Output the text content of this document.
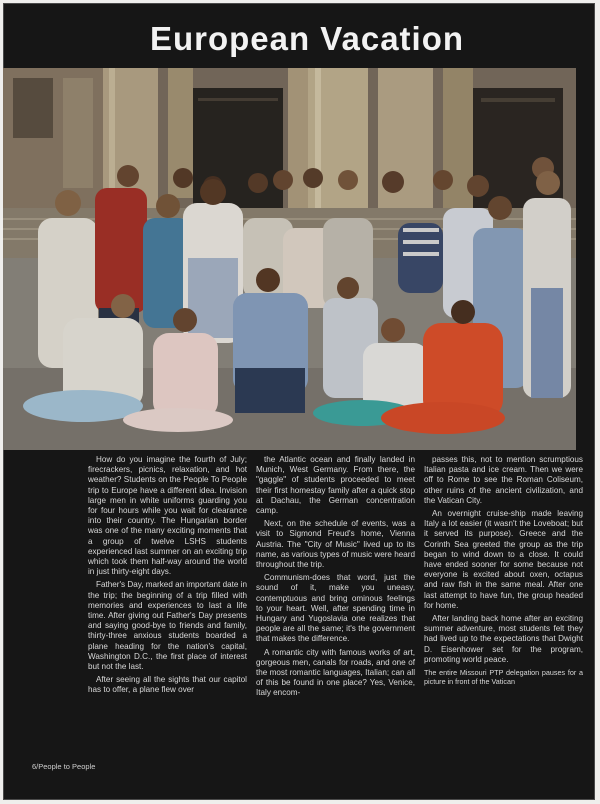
European Vacation

How do you imagine the fourth of July; firecrackers, picnics, relaxation, and hot weather? Students on the People To People trip to Europe have a different idea. Invision large men in white uniforms guarding you for four hours while you wait for clearance into their country. The Hungarian border was one of the many exciting moments that a group of twelve LSHS students experienced last summer on an exciting trip which took them half-way around the world in just thirty-eight days.

Father's Day, marked an important date in the trip; the beginning of a trip filled with memories and experiences to last a life time. After giving out Father's Day presents and saying good-bye to friends and family, thirty-three anxious students boarded a plane heading for the nation's capital, Washington D.C., the first place of interest but not the last.

After seeing all the sights that our capitol has to offer, a plane flew over

the Atlantic ocean and finally landed in Munich, West Germany. From there, the "gaggle" of students proceeded to meet their first homestay family after a quick stop at Dachau, the German concentration camp.

Next, on the schedule of events, was a visit to Sigmond Freud's home, Vienna Austria. The "City of Music" lived up to its name, as various types of music were heard throughout the trip.

Communism-does that word, just the sound of it, make you uneasy, contemptuous and bring ominous feelings to your heart. Well, after spending time in Hungary and Yugoslavia one realizes that people are all the same; it's the government that makes the difference.

A romantic city with famous works of art, gorgeous men, canals for roads, and one of the most romantic languages, Italian; can all of this be found in one place? Yes, Venice, Italy encom-

passes this, not to mention scrumptious Italian pasta and ice cream. Then we were off to Rome to see the Roman Coliseum, other ruins of the ancient civilization, and the Vatican City.

An overnight cruise-ship made leaving Italy a lot easier (it wasn't the Loveboat; but it served its purpose). Greece and the Corinth Sea greeted the group as the trip began to wind down to a close. It could have ended sooner for some because not everyone is excited about oxen, octapus and raw fish in the same meal. After one last attempt to have fun, the group headed for home.

After landing back home after an exciting summer adventure, most students felt they had lived up to the expectations that Dwight D. Eisenhower set for the program, promoting world peace.

The entire Missouri PTP delegation pauses for a picture in front of the Vatican

6/People to People
